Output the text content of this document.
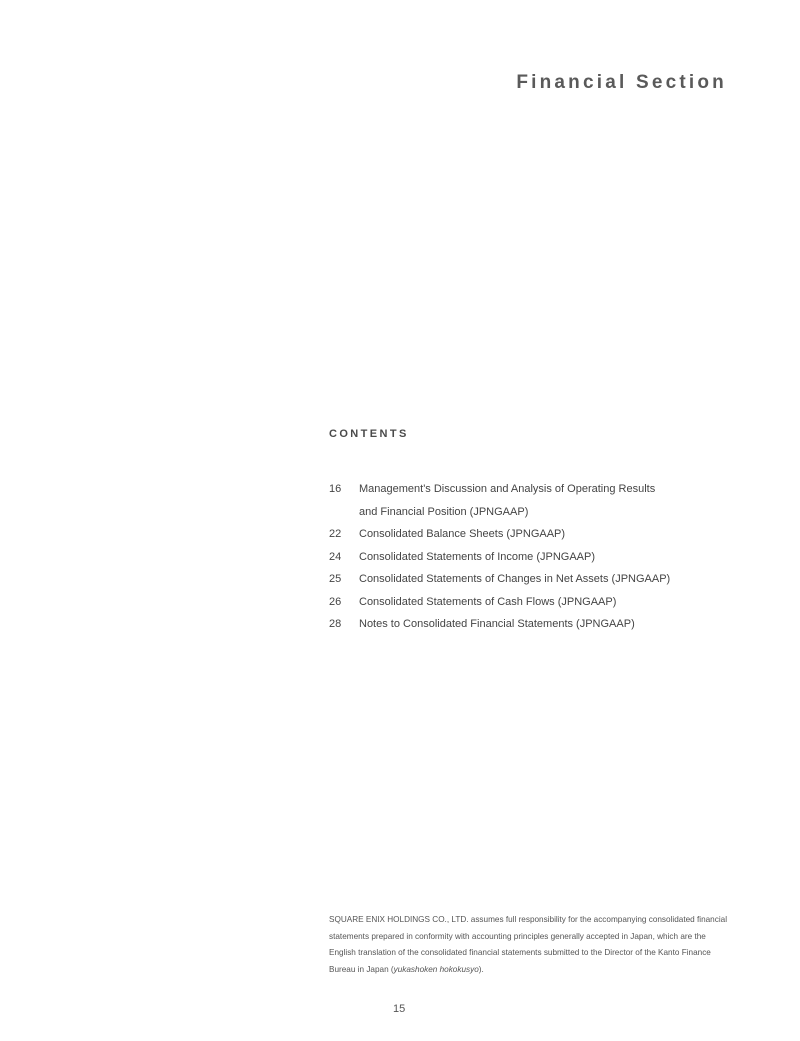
Financial Section
CONTENTS
16	Management's Discussion and Analysis of Operating Results
and Financial Position (JPNGAAP)
22	Consolidated Balance Sheets (JPNGAAP)
24	Consolidated Statements of Income (JPNGAAP)
25	Consolidated Statements of Changes in Net Assets (JPNGAAP)
26	Consolidated Statements of Cash Flows (JPNGAAP)
28	Notes to Consolidated Financial Statements (JPNGAAP)
SQUARE ENIX HOLDINGS CO., LTD. assumes full responsibility for the accompanying consolidated financial statements prepared in conformity with accounting principles generally accepted in Japan, which are the English translation of the consolidated financial statements submitted to the Director of the Kanto Finance Bureau in Japan (yukashoken hokokusyo).
15
